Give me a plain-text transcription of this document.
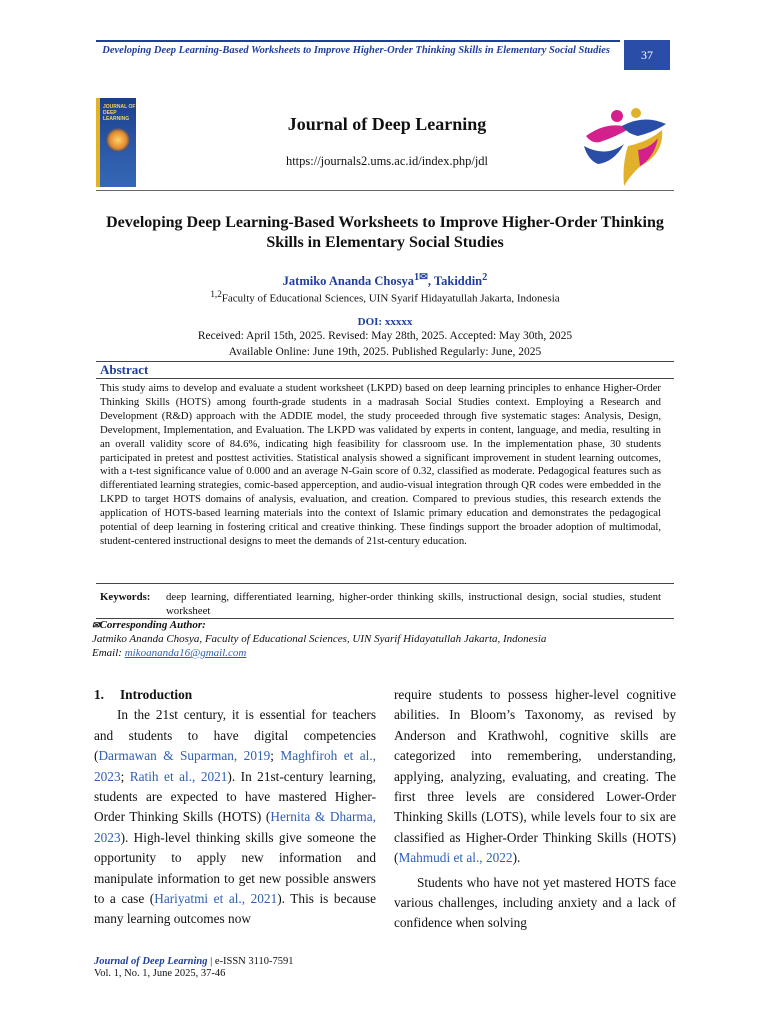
Developing Deep Learning-Based Worksheets to Improve Higher-Order Thinking Skills in Elementary Social Studies	37
JOURNAL OF DEEP LEARNING	Journal of Deep Learning
https://journals2.ums.ac.id/index.php/jdl
Developing Deep Learning-Based Worksheets to Improve Higher-Order Thinking Skills in Elementary Social Studies
Jatmiko Ananda Chosya$^{1✉}$, Takiddin$^2$
$^{1,2}$Faculty of Educational Sciences, UIN Syarif Hidayatullah Jakarta, Indonesia
DOI: xxxxx
Received: April 15th, 2025. Revised: May 28th, 2025. Accepted: May 30th, 2025
Available Online: June 19th, 2025. Published Regularly: June, 2025
Abstract

This study aims to develop and evaluate a student worksheet (LKPD) based on deep learning principles to enhance Higher-Order Thinking Skills (HOTS) among fourth-grade students in a madrasah Social Studies context. Employing a Research and Development (R&D) approach with the ADDIE model, the study proceeded through five systematic stages: Analysis, Design, Development, Implementation, and Evaluation. The LKPD was validated by experts in content, language, and media, resulting in an overall validity score of 84.6%, indicating high feasibility for classroom use. In the implementation phase, 30 students participated in pretest and posttest activities. Statistical analysis showed a significant improvement in student learning outcomes, with a t-test significance value of 0.000 and an average N-Gain score of 0.32, classified as moderate. Pedagogical features such as differentiated learning strategies, comic-based apperception, and audio-visual integration through QR codes were embedded in the LKPD to target HOTS domains of analysis, evaluation, and creation. Compared to previous studies, this research extends the application of HOTS-based learning materials into the context of Islamic primary education and demonstrates the pedagogical potential of deep learning in fostering critical and creative thinking. These findings support the broader adoption of multimodal, student-centered instructional designs to meet the demands of 21st-century education.

Keywords: deep learning, differentiated learning, higher-order thinking skills, instructional design, social studies, student worksheet
✉Corresponding Author:
Jatmiko Ananda Chosya, Faculty of Educational Sciences, UIN Syarif Hidayatullah Jakarta, Indonesia
Email: mikoananda16@gmail.com
1. Introduction

In the 21st century, it is essential for teachers and students to have digital competencies (Darmawan & Suparman, 2019; Maghfiroh et al., 2023; Ratih et al., 2021). In 21st-century learning, students are expected to have mastered Higher-Order Thinking Skills (HOTS) (Hernita & Dharma, 2023). High-level thinking skills give someone the opportunity to apply new information and manipulate information to get new possible answers to a case (Hariyatmi et al., 2021). This is because many learning outcomes now

require students to possess higher-level cognitive abilities. In Bloom’s Taxonomy, as revised by Anderson and Krathwohl, cognitive skills are categorized into remembering, understanding, applying, analyzing, evaluating, and creating. The first three levels are considered Lower-Order Thinking Skills (LOTS), while levels four to six are classified as Higher-Order Thinking Skills (HOTS) (Mahmudi et al., 2022).

Students who have not yet mastered HOTS face various challenges, including anxiety and a lack of confidence when solving

Journal of Deep Learning | e-ISSN 3110-7591
Vol. 1, No. 1, June 2025, 37-46
